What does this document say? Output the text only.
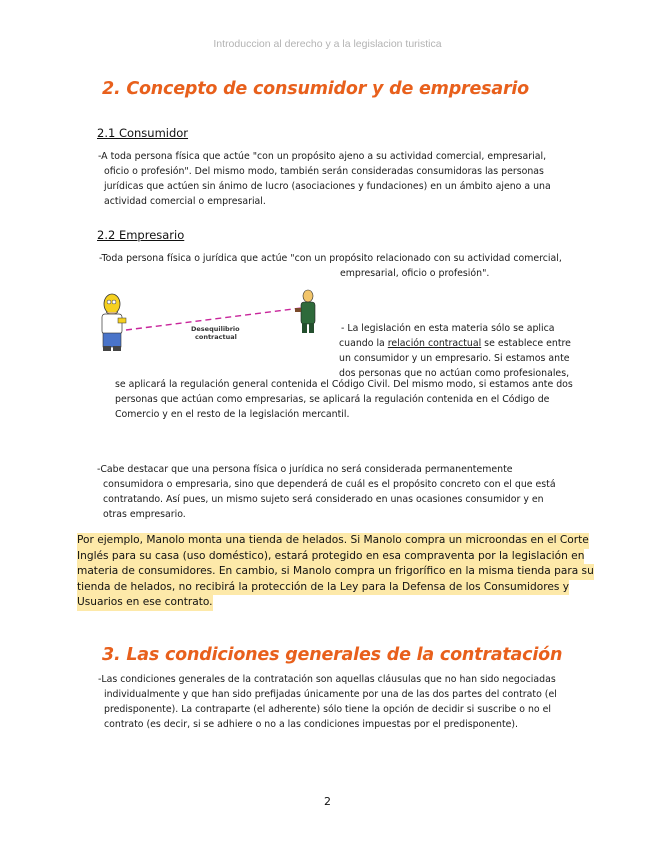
Introduccion al derecho y a la legislacion turistica
2. Concepto de consumidor y de empresario
2.1 Consumidor
-A toda persona física que actúe "con un propósito ajeno a su actividad comercial, empresarial,
oficio o profesión". Del mismo modo, también serán consideradas consumidoras las personas
jurídicas que actúen sin ánimo de lucro (asociaciones y fundaciones) en un ámbito ajeno a una
actividad comercial o empresarial.
2.2 Empresario
-Toda persona física o jurídica que actúe "con un propósito relacionado con su actividad comercial,
empresarial, oficio o profesión".
Desequilibrio
contractual
- La legislación en esta materia sólo se aplica
cuando la relación contractual se establece entre
un consumidor y un empresario. Si estamos ante
dos personas que no actúan como profesionales,
se aplicará la regulación general contenida el Código Civil. Del mismo modo, si estamos ante dos
personas que actúan como empresarias, se aplicará la regulación contenida en el Código de
Comercio y en el resto de la legislación mercantil.
-Cabe destacar que una persona física o jurídica no será considerada permanentemente
consumidora o empresaria, sino que dependerá de cuál es el propósito concreto con el que está
contratando. Así pues, un mismo sujeto será considerado en unas ocasiones consumidor y en
otras empresario.
Por ejemplo, Manolo monta una tienda de helados. Si Manolo compra un microondas en el Corte
Inglés para su casa (uso doméstico), estará protegido en esa compraventa por la legislación en
materia de consumidores. En cambio, si Manolo compra un frigorífico en la misma tienda para su
tienda de helados, no recibirá la protección de la Ley para la Defensa de los Consumidores y
Usuarios en ese contrato.
3. Las condiciones generales de la contratación
-Las condiciones generales de la contratación son aquellas cláusulas que no han sido negociadas
individualmente y que han sido prefijadas únicamente por una de las dos partes del contrato (el
predisponente). La contraparte (el adherente) sólo tiene la opción de decidir si suscribe o no el
contrato (es decir, si se adhiere o no a las condiciones impuestas por el predisponente).
2
